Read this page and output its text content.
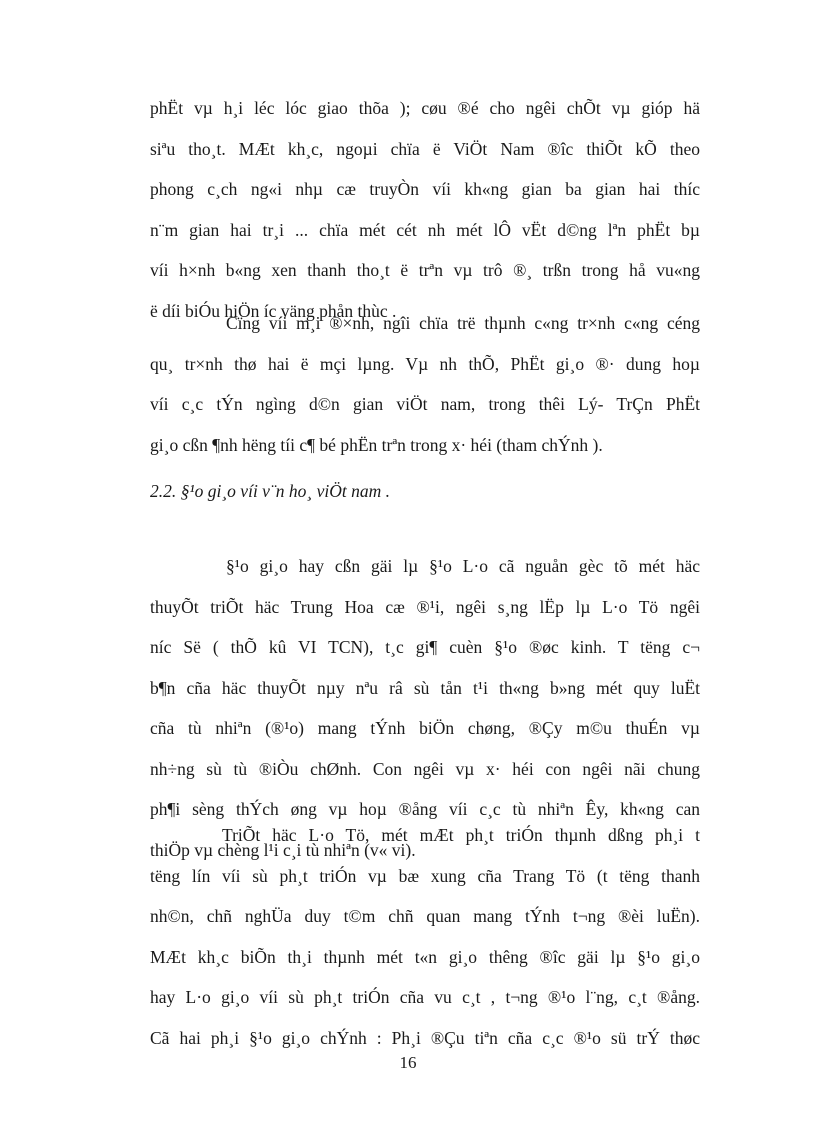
phËt vµ h¸i léc lóc giao thõa ); cøu ®é cho ngêi chÕt vµ gióp hä
siªu tho¸t. MÆt kh¸c, ngoµi chïa ë ViÖt Nam ®îc thiÕt kÕ theo
phong c¸ch ng«i nhµ cæ truyÒn víi kh«ng gian ba gian hai thíc
n¨m gian hai tr¸i ... chïa mét cét nh mét lÔ vËt d©ng lªn phËt bµ
víi h×nh b«ng xen thanh tho¸t ë trªn vµ trô ®¸ trßn trong hå vu«ng
ë díi biÓu hiÖn íc väng phån thùc .
Cïng víi m¸i ®×nh, ngîi chïa trë thµnh c«ng tr×nh c«ng céng
qu¸ tr×nh thø hai ë mçi lµng. Vµ nh thÕ, PhËt gi¸o ®· dung hoµ
víi c¸c tÝn ngìng d©n gian viÖt nam, trong thêi Lý- TrÇn PhËt
gi¸o cßn ¶nh hëng tíi c¶ bé phËn trªn trong x· héi (tham chÝnh ).
2.2. §¹o gi¸o víi v¨n ho¸ viÖt nam .
§¹o gi¸o hay cßn gäi lµ §¹o L·o cã nguån gèc tõ mét häc
thuyÕt triÕt häc Trung Hoa cæ ®¹i, ngêi s¸ng lËp lµ L·o Tö ngêi
níc Së ( thÕ kû VI TCN), t¸c gi¶ cuèn §¹o ®øc kinh. T tëng c¬
b¶n cña häc thuyÕt nµy nªu râ sù tån t¹i th«ng b»ng mét quy luËt
cña tù nhiªn (®¹o) mang tÝnh biÖn chøng, ®Çy m©u thuÉn vµ
nh÷ng sù tù ®iÒu chØnh. Con ngêi vµ x· héi con ngêi nãi chung
ph¶i sèng thÝch øng vµ hoµ ®ång víi c¸c tù nhiªn Êy, kh«ng can
thiÖp vµ chèng l¹i c¸i tù nhiªn (v« vi).
TriÕt häc L·o Tö, mét mÆt ph¸t triÓn thµnh dßng ph¸i t
tëng lín víi sù ph¸t triÓn vµ bæ xung cña Trang Tö (t tëng thanh
nh©n, chñ nghÜa duy t©m chñ quan mang tÝnh t¬ng ®èi luËn).
MÆt kh¸c biÕn th¸i thµnh mét t«n gi¸o thêng ®îc gäi lµ §¹o gi¸o
hay L·o gi¸o víi sù ph¸t triÓn cña vu c¸t , t¬ng ®¹o l¨ng, c¸t ®ång.
Cã hai ph¸i §¹o gi¸o chÝnh : Ph¸i ®Çu tiªn cña c¸c ®¹o sü trÝ thøc
16
